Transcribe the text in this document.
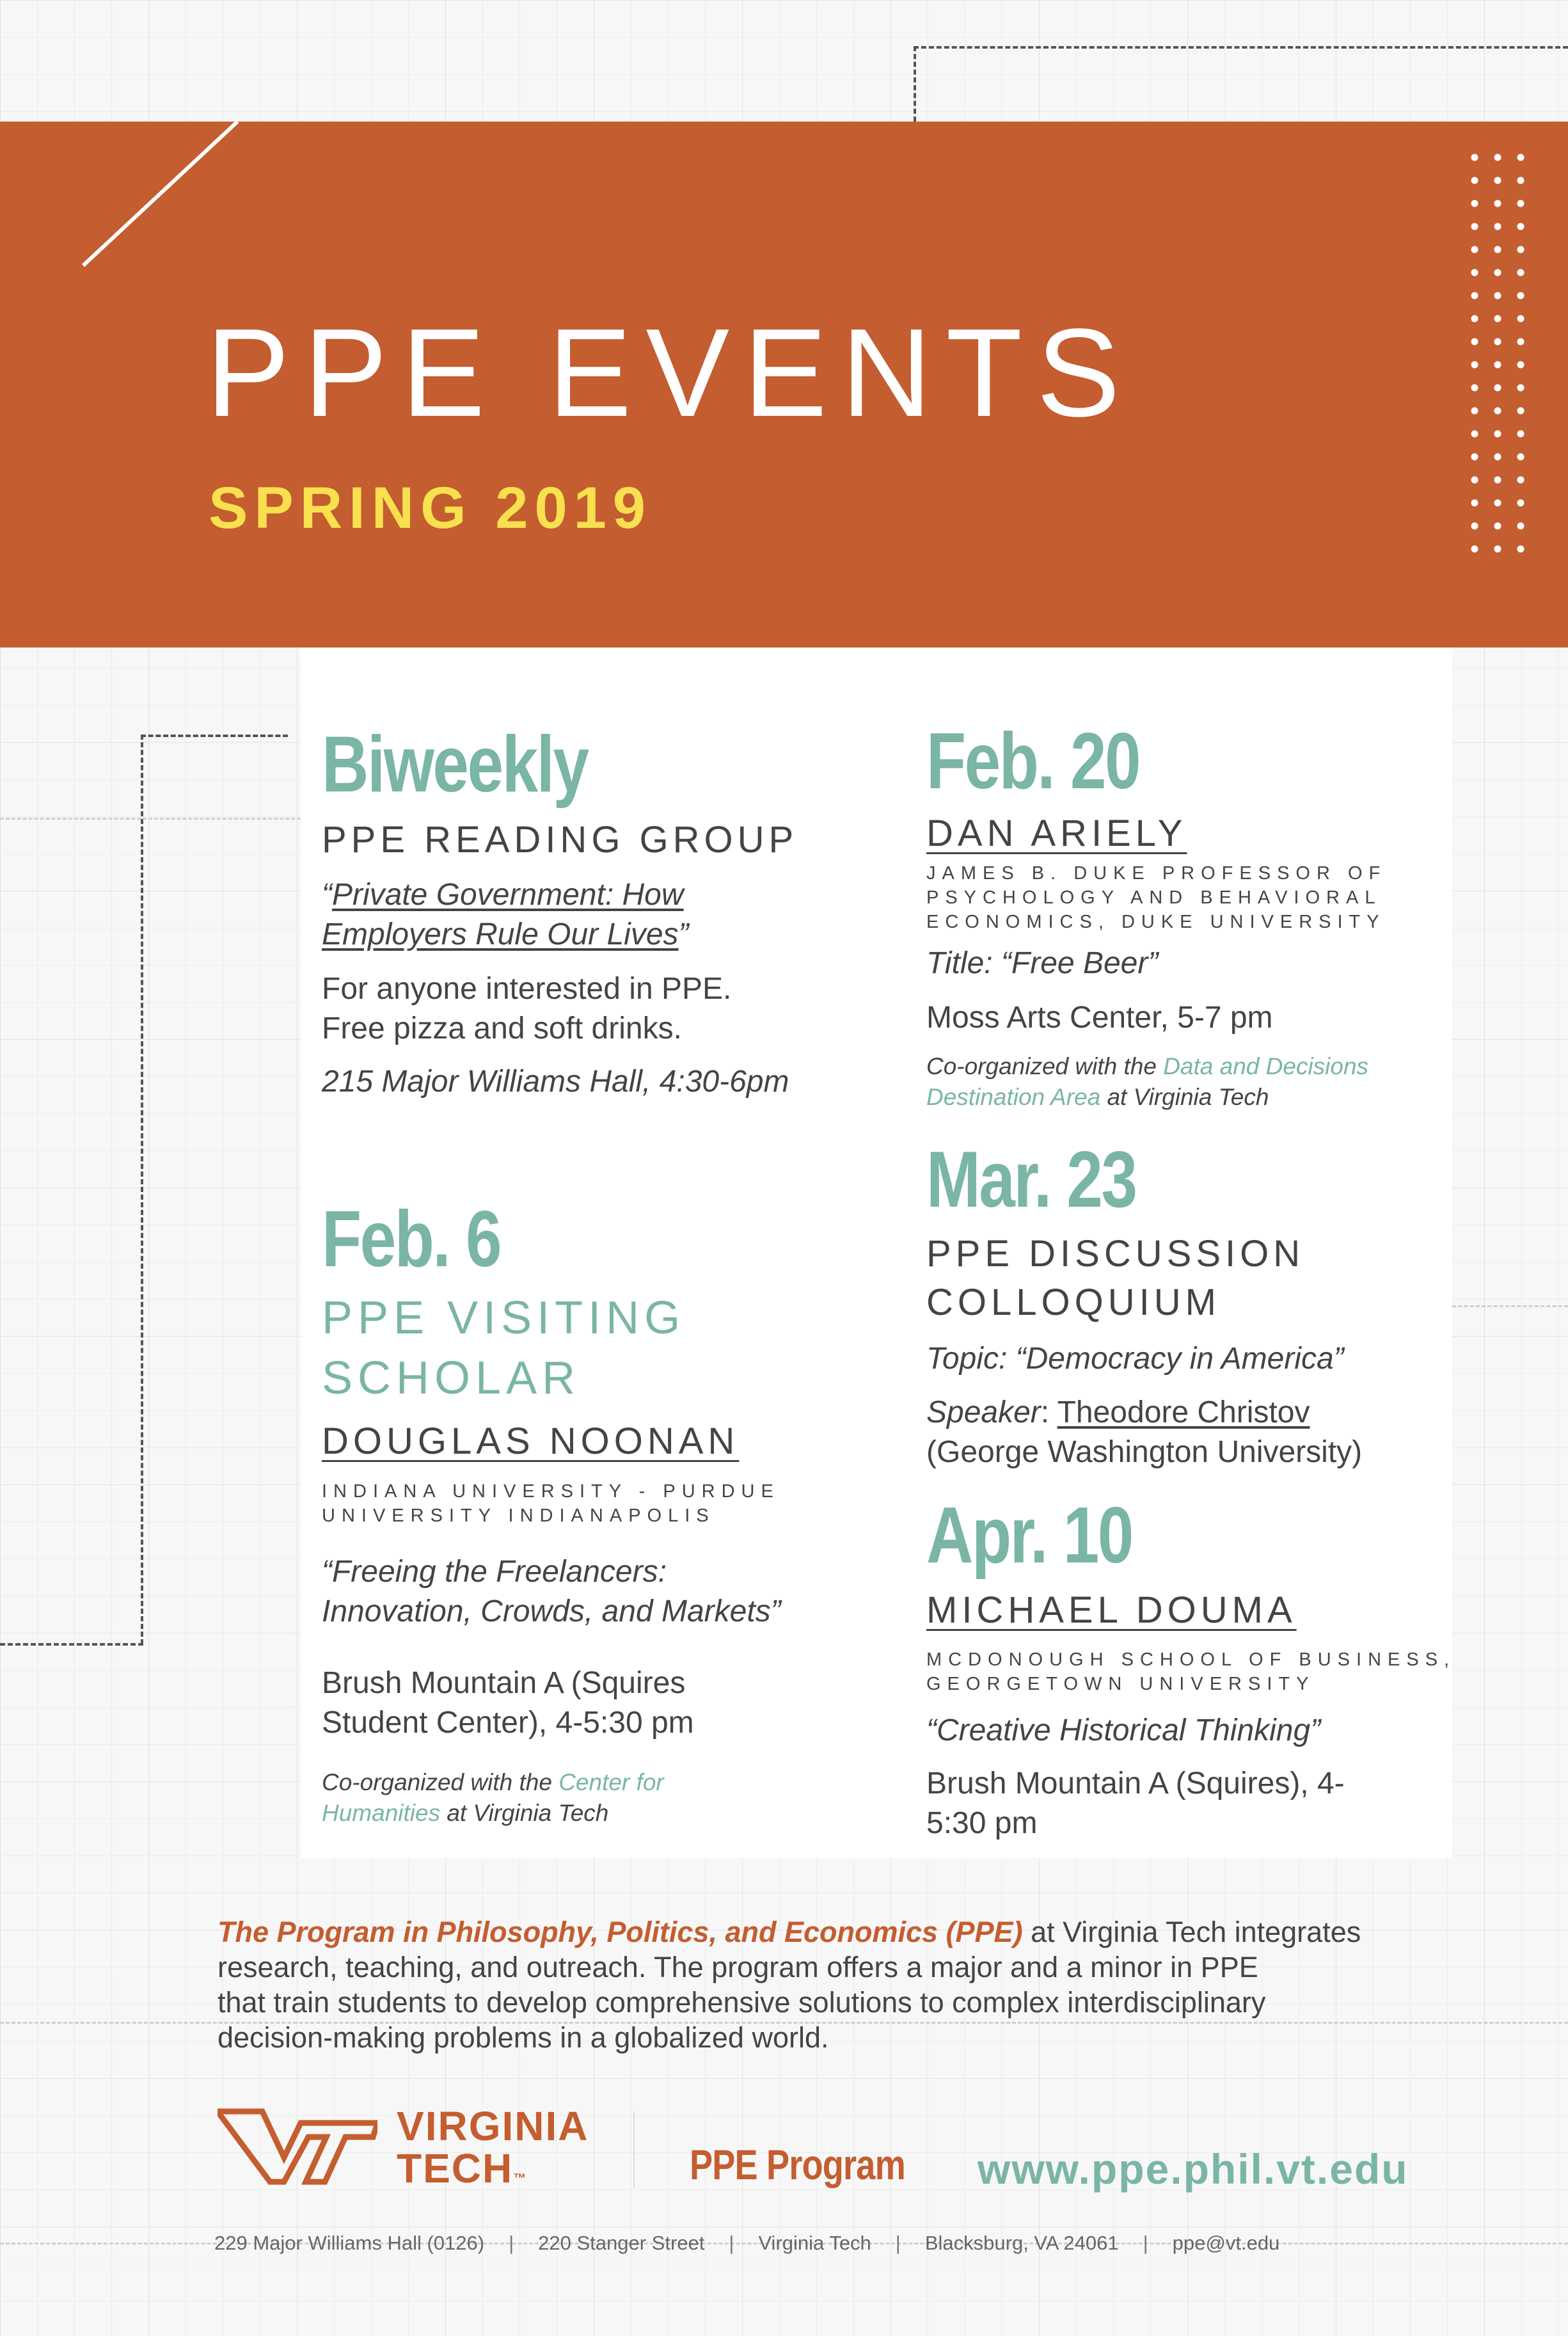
PPE EVENTS
SPRING 2019
Biweekly
PPE READING GROUP
“Private Government: How
Employers Rule Our Lives”
For anyone interested in PPE.
Free pizza and soft drinks.
215 Major Williams Hall, 4:30-6pm
Feb. 6
PPE VISITING
SCHOLAR
DOUGLAS NOONAN
INDIANA UNIVERSITY - PURDUE
UNIVERSITY INDIANAPOLIS
“Freeing the Freelancers:
Innovation, Crowds, and Markets”
Brush Mountain A (Squires
Student Center), 4-5:30 pm
Co-organized with the Center for
Humanities at Virginia Tech
Feb. 20
DAN ARIELY
JAMES B. DUKE PROFESSOR OF
PSYCHOLOGY AND BEHAVIORAL
ECONOMICS, DUKE UNIVERSITY
Title: “Free Beer”
Moss Arts Center, 5-7 pm
Co-organized with the Data and Decisions
Destination Area at Virginia Tech
Mar. 23
PPE DISCUSSION
COLLOQUIUM
Topic: “Democracy in America”
Speaker: Theodore Christov
(George Washington University)
Apr. 10
MICHAEL DOUMA
MCDONOUGH SCHOOL OF BUSINESS,
GEORGETOWN UNIVERSITY
“Creative Historical Thinking”
Brush Mountain A (Squires), 4-
5:30 pm
The Program in Philosophy, Politics, and Economics (PPE) at Virginia Tech integrates
research, teaching, and outreach. The program offers a major and a minor in PPE
that train students to develop comprehensive solutions to complex interdisciplinary
decision-making problems in a globalized world.
VIRGINIA
TECH™	PPE Program www.ppe.phil.vt.edu
229 Major Williams Hall (0126) | 220 Stanger Street | Virginia Tech | Blacksburg, VA 24061 | ppe@vt.edu
